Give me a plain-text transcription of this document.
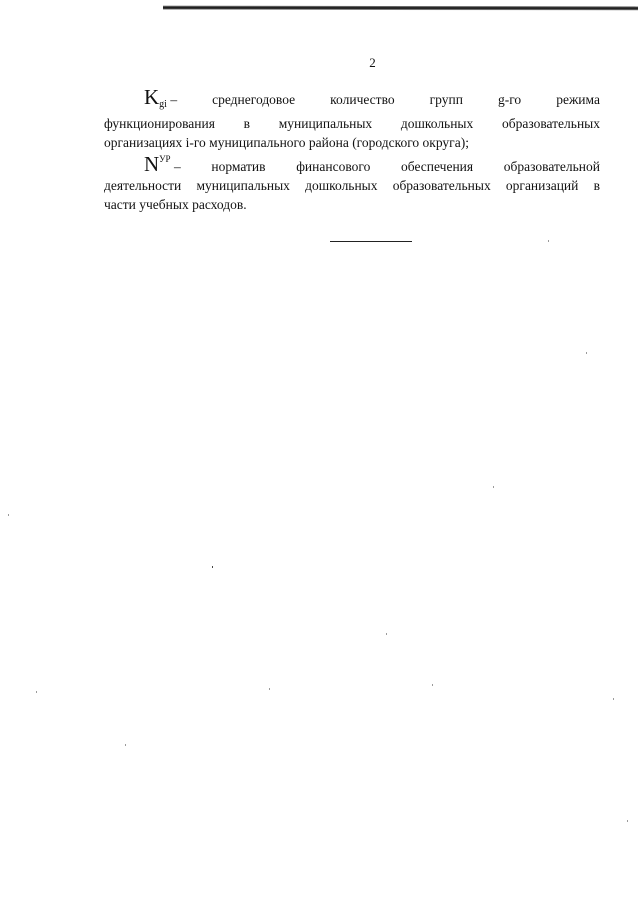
2
$K_{gi}$ –	среднегодовое	количество	групп	g-го	режима
функционирования в муниципальных дошкольных образовательных
организациях i-го муниципального района (городского округа);
$N^{УР}$ – норматив финансового обеспечения образовательной
деятельности муниципальных дошкольных образовательных организаций в
части учебных расходов.
